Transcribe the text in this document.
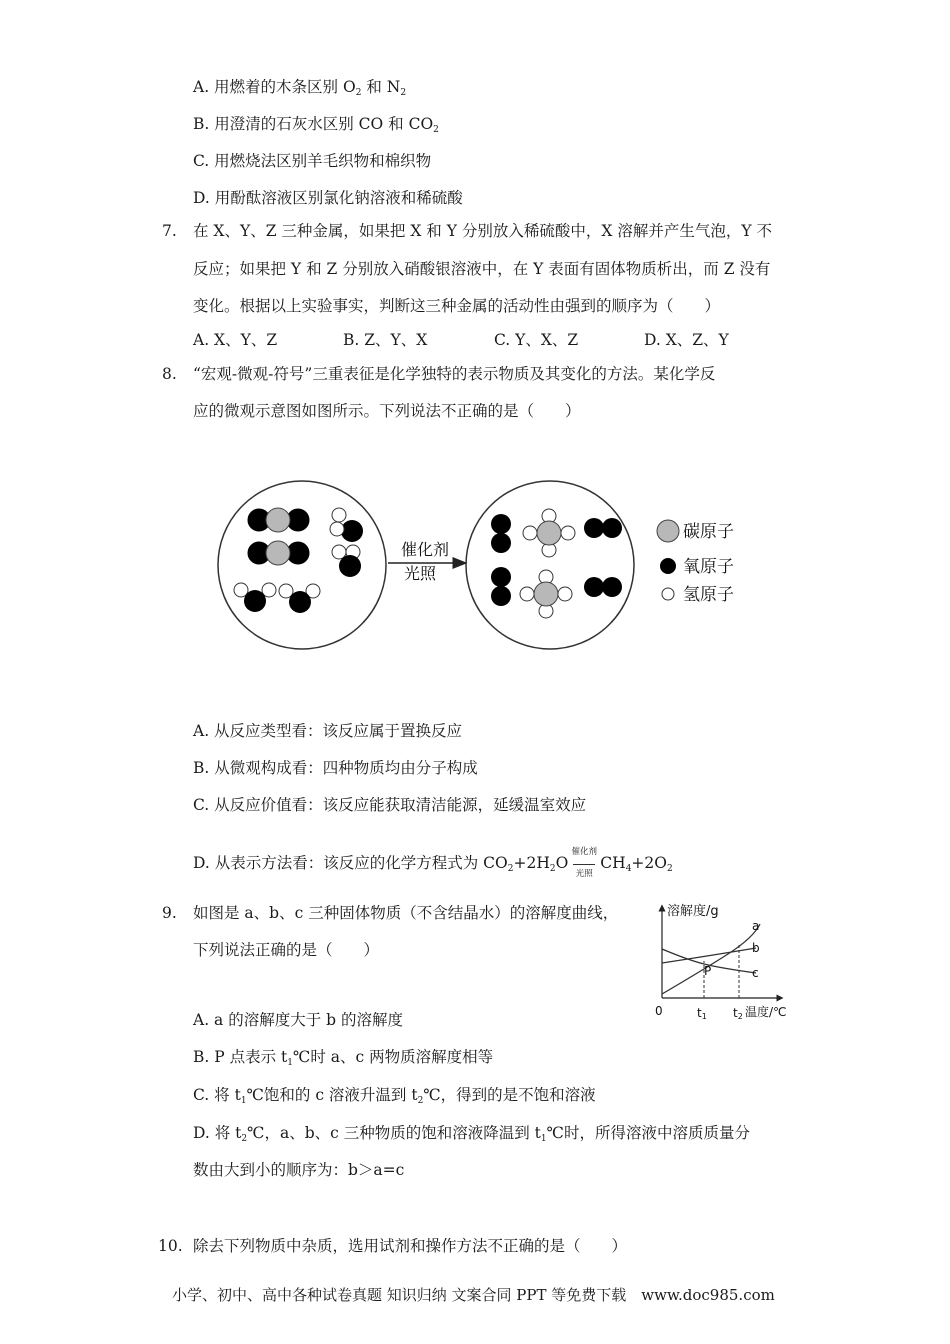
A. 用燃着的木条区别 $O_2$ 和 $N_2$
B. 用澄清的石灰水区别 CO 和 $CO_2$
C. 用燃烧法区别羊毛织物和棉织物
D. 用酚酞溶液区别氯化钠溶液和稀硫酸
7. 在 X、Y、Z 三种金属，如果把 X 和 Y 分别放入稀硫酸中，X 溶解并产生气泡，Y 不
反应；如果把 Y 和 Z 分别放入硝酸银溶液中，在 Y 表面有固体物质析出，而 Z 没有
变化。根据以上实验事实，判断这三种金属的活动性由强到的顺序为（　　）
A. X、Y、Z	B. Z、Y、X	C. Y、X、Z	D. X、Z、Y
8. “宏观-微观-符号”三重表征是化学独特的表示物质及其变化的方法。某化学反
应的微观示意图如图所示。下列说法不正确的是（　　）
催化剂
光照
碳原子
氧原子
氢原子
A. 从反应类型看：该反应属于置换反应
B. 从微观构成看：四种物质均由分子构成
C. 从反应价值看：该反应能获取清洁能源，延缓温室效应
D. 从表示方法看：该反应的化学方程式为 $CO_2+2H_2O$
催化剂
光照
$CH_4+2O_2$
9. 如图是 a、b、c 三种固体物质（不含结晶水）的溶解度曲线，
下列说法正确的是（　　）
溶解度/g
温度/℃
0	t1 t2
a
b
c
P
A. a 的溶解度大于 b 的溶解度
B. P 点表示 $t_1℃$时 a、c 两物质溶解度相等
C. 将 $t_1℃$饱和的 c 溶液升温到 $t_2℃$，得到的是不饱和溶液
D. 将 $t_2℃$，a、b、c 三种物质的饱和溶液降温到 $t_1℃$时，所得溶液中溶质质量分
数由大到小的顺序为：b＞a=c
10. 除去下列物质中杂质，选用试剂和操作方法不正确的是（　　）
小学、初中、高中各种试卷真题 知识归纳 文案合同 PPT 等免费下载　www.doc985.com
